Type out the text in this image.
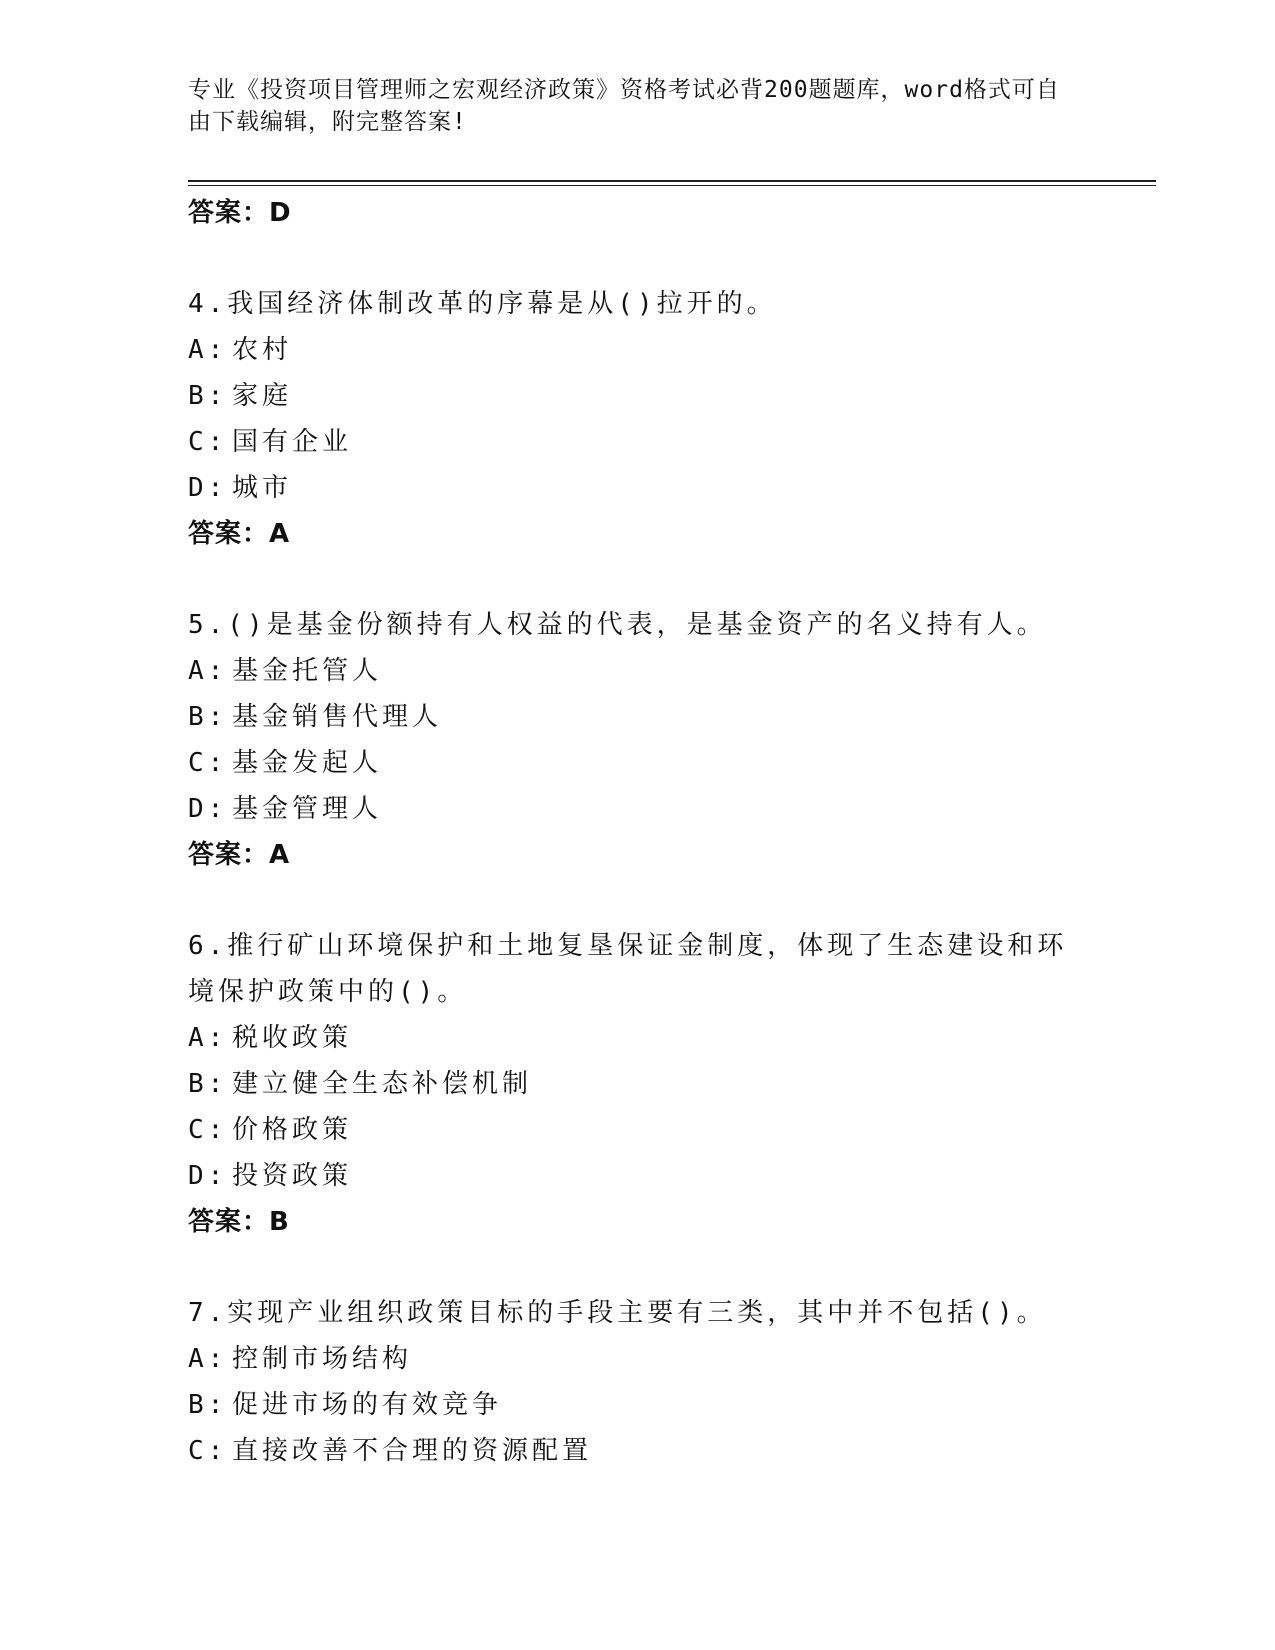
专业《投资项目管理师之宏观经济政策》资格考试必背200题题库，word格式可自由下载编辑，附完整答案!

答案：D
4.我国经济体制改革的序幕是从()拉开的。
A: 农村
B: 家庭
C: 国有企业
D: 城市
答案：A
5.()是基金份额持有人权益的代表，是基金资产的名义持有人。
A: 基金托管人
B: 基金销售代理人
C: 基金发起人
D: 基金管理人
答案：A
6.推行矿山环境保护和土地复垦保证金制度，体现了生态建设和环境保护政策中的()。
A: 税收政策
B: 建立健全生态补偿机制
C: 价格政策
D: 投资政策
答案：B
7.实现产业组织政策目标的手段主要有三类，其中并不包括()。
A: 控制市场结构
B: 促进市场的有效竞争
C: 直接改善不合理的资源配置
